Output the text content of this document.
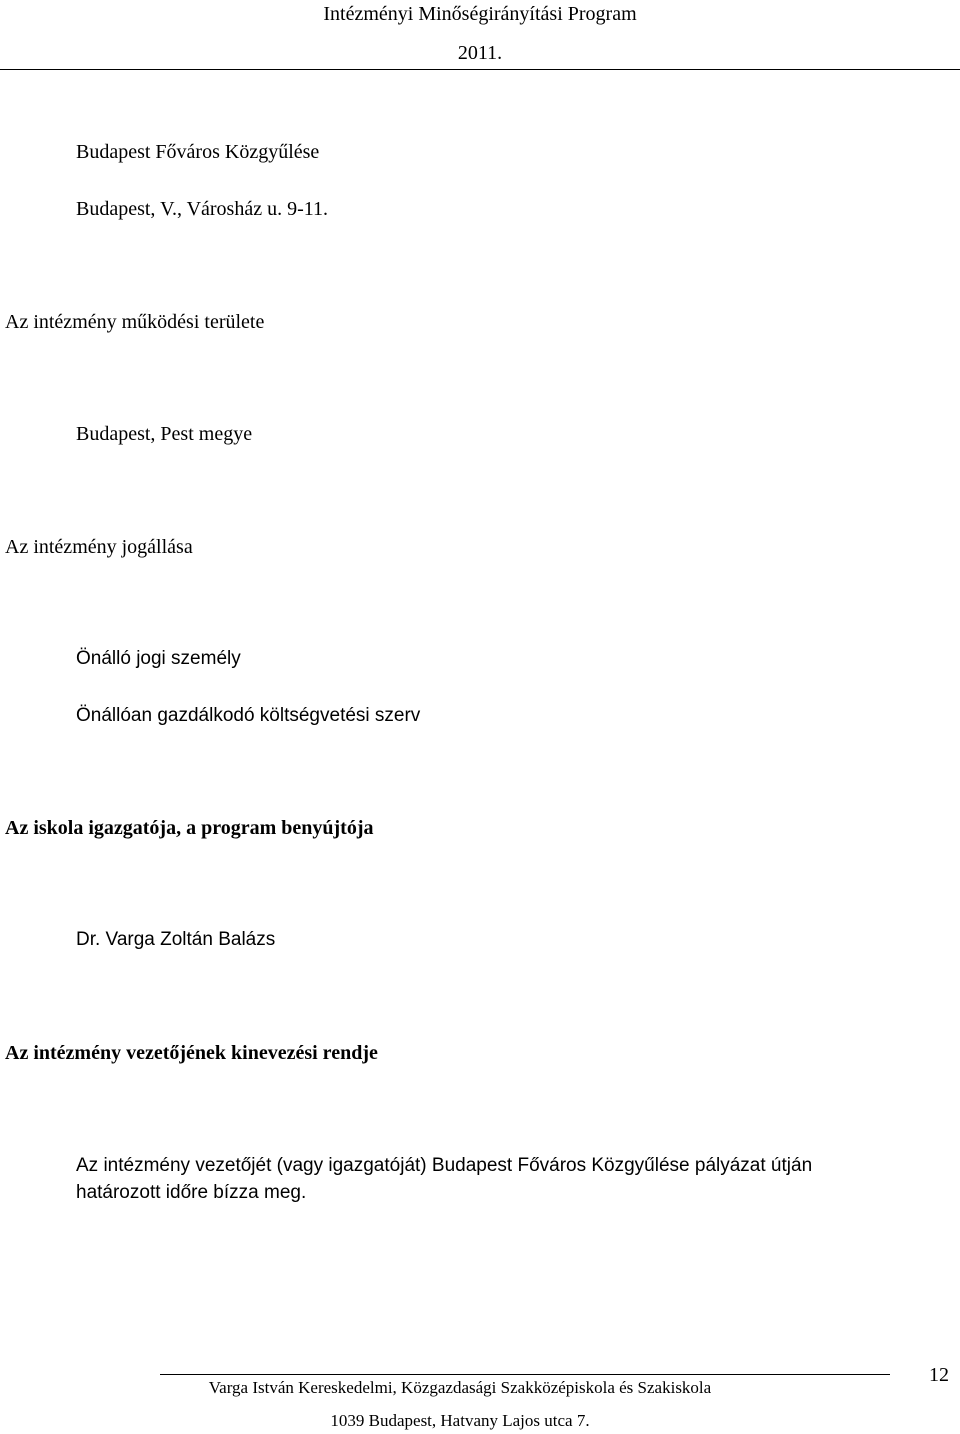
Intézményi Minőségirányítási Program
2011.
Budapest Főváros Közgyűlése
Budapest, V., Városház u. 9-11.
Az intézmény működési területe
Budapest, Pest megye
Az intézmény jogállása
Önálló jogi személy
Önállóan gazdálkodó költségvetési szerv
Az iskola igazgatója, a program benyújtója
Dr. Varga Zoltán Balázs
Az intézmény vezetőjének kinevezési rendje
Az intézmény vezetőjét (vagy igazgatóját) Budapest Főváros Közgyűlése pályázat útján
határozott időre bízza meg.
Varga István Kereskedelmi, Közgazdasági Szakközépiskola és Szakiskola
1039 Budapest, Hatvany Lajos utca 7.
12
